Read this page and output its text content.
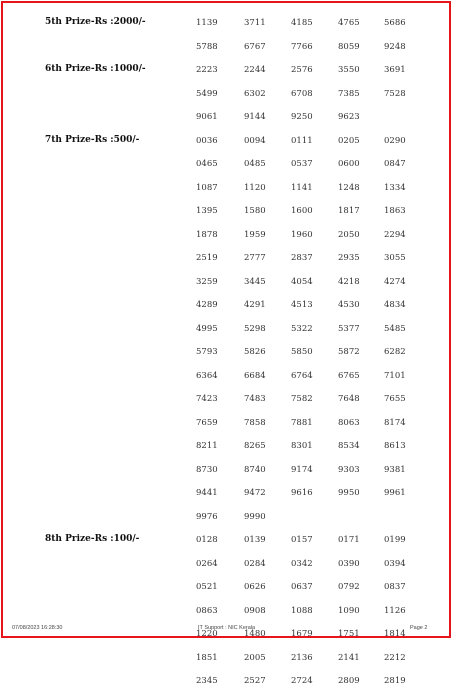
5th Prize-Rs :2000/-	1139	3711	4185	4765	5686
5788	6767	7766	8059	9248
6th Prize-Rs :1000/-	2223	2244	2576	3550	3691
5499	6302	6708	7385	7528
9061	9144	9250	9623
7th Prize-Rs :500/-	0036	0094	0111	0205	0290
0465	0485	0537	0600	0847
1087	1120	1141	1248	1334
1395	1580	1600	1817	1863
1878	1959	1960	2050	2294
2519	2777	2837	2935	3055
3259	3445	4054	4218	4274
4289	4291	4513	4530	4834
4995	5298	5322	5377	5485
5793	5826	5850	5872	6282
6364	6684	6764	6765	7101
7423	7483	7582	7648	7655
7659	7858	7881	8063	8174
8211	8265	8301	8534	8613
8730	8740	9174	9303	9381
9441	9472	9616	9950	9961
9976	9990
8th Prize-Rs :100/-	0128	0139	0157	0171	0199
0264	0284	0342	0390	0394
0521	0626	0637	0792	0837
0863	0908	1088	1090	1126
1220	1480	1679	1751	1814
1851	2005	2136	2141	2212
2345	2527	2724	2809	2819
07/08/2023 16:28:30	IT Support : NIC Kerala	Page 2
